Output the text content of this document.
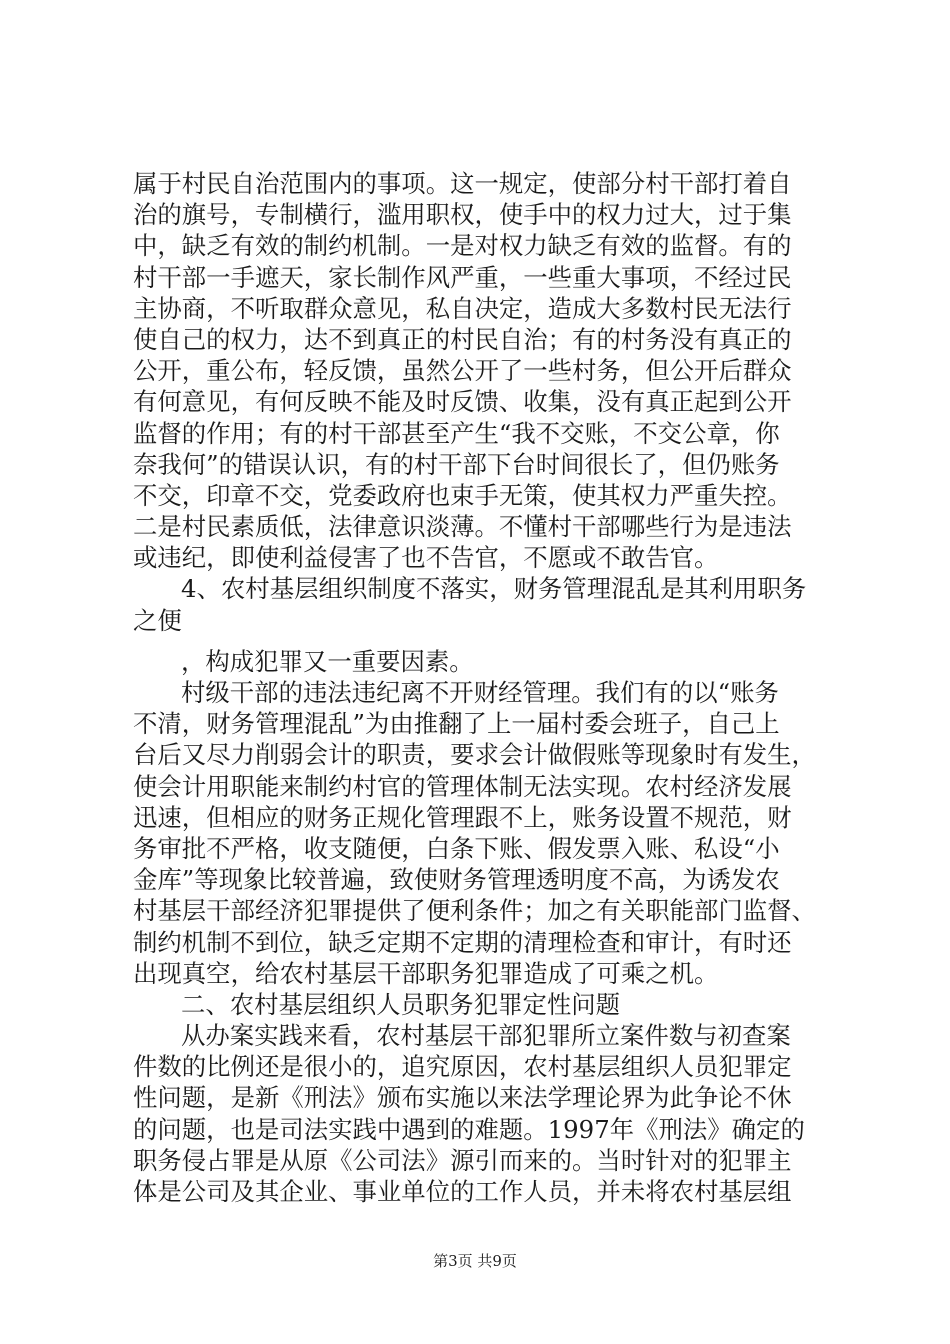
属于村民自治范围内的事项。这一规定，使部分村干部打着自
治的旗号，专制横行，滥用职权，使手中的权力过大，过于集
中，缺乏有效的制约机制。一是对权力缺乏有效的监督。有的
村干部一手遮天，家长制作风严重，一些重大事项，不经过民
主协商，不听取群众意见，私自决定，造成大多数村民无法行
使自己的权力，达不到真正的村民自治；有的村务没有真正的
公开，重公布，轻反馈，虽然公开了一些村务，但公开后群众
有何意见，有何反映不能及时反馈、收集，没有真正起到公开
监督的作用；有的村干部甚至产生“我不交账，不交公章，你
奈我何”的错误认识，有的村干部下台时间很长了，但仍账务
不交，印章不交，党委政府也束手无策，使其权力严重失控。
二是村民素质低，法律意识淡薄。不懂村干部哪些行为是违法
或违纪，即使利益侵害了也不告官，不愿或不敢告官。
4、农村基层组织制度不落实，财务管理混乱是其利用职务
之便
，构成犯罪又一重要因素。
村级干部的违法违纪离不开财经管理。我们有的以“账务
不清，财务管理混乱”为由推翻了上一届村委会班子，自己上
台后又尽力削弱会计的职责，要求会计做假账等现象时有发生，
使会计用职能来制约村官的管理体制无法实现。农村经济发展
迅速，但相应的财务正规化管理跟不上，账务设置不规范，财
务审批不严格，收支随便，白条下账、假发票入账、私设“小
金库”等现象比较普遍，致使财务管理透明度不高，为诱发农
村基层干部经济犯罪提供了便利条件；加之有关职能部门监督、
制约机制不到位，缺乏定期不定期的清理检查和审计，有时还
出现真空，给农村基层干部职务犯罪造成了可乘之机。
二、农村基层组织人员职务犯罪定性问题
从办案实践来看，农村基层干部犯罪所立案件数与初查案
件数的比例还是很小的，追究原因，农村基层组织人员犯罪定
性问题，是新《刑法》颁布实施以来法学理论界为此争论不休
的问题，也是司法实践中遇到的难题。1997年《刑法》确定的
职务侵占罪是从原《公司法》源引而来的。当时针对的犯罪主
体是公司及其企业、事业单位的工作人员，并未将农村基层组
第3页 共9页
